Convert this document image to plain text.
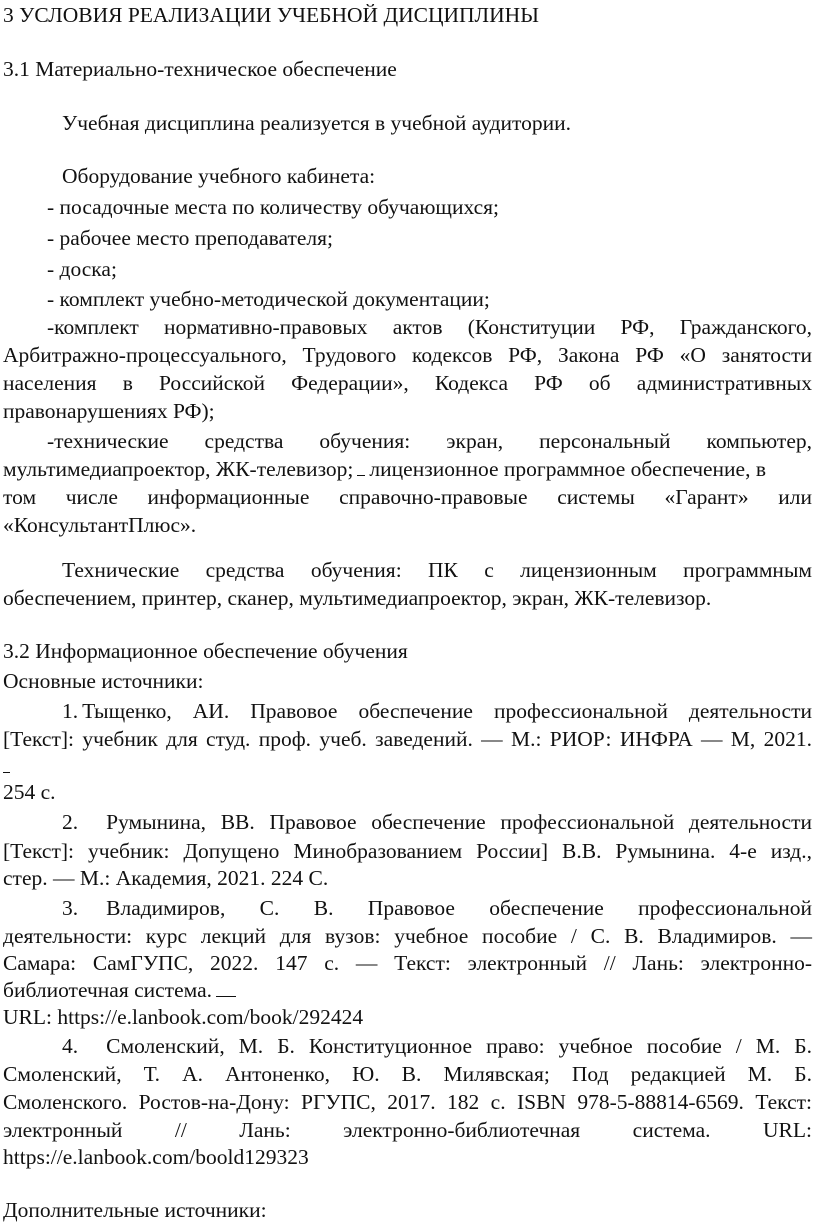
3 УСЛОВИЯ РЕАЛИЗАЦИИ УЧЕБНОЙ ДИСЦИПЛИНЫ
3.1 Материально-техническое обеспечение
Учебная дисциплина реализуется в учебной аудитории.
Оборудование учебного кабинета:
- посадочные места по количеству обучающихся;
- рабочее место преподавателя;
- доска;
- комплект учебно-методической документации;
-комплект нормативно-правовых актов (Конституции РФ, Гражданского,
Арбитражно-процессуального, Трудового кодексов РФ, Закона РФ «О занятости
населения в Российской Федерации», Кодекса РФ об административных
правонарушениях РФ);
-технические средства обучения: экран, персональный компьютер,
мультимедиапроектор, ЖК-телевизор; лицензионное программное обеспечение, в
том числе информационные справочно-правовые системы «Гарант» или
«КонсультантПлюс».
Технические средства обучения: ПК с лицензионным программным
обеспечением, принтер, сканер, мультимедиапроектор, экран, ЖК-телевизор.
3.2 Информационное обеспечение обучения
Основные источники:
1. Тыщенко, АИ. Правовое обеспечение профессиональной деятельности
[Текст]: учебник для студ. проф. учеб. заведений. — М.: РИОР: ИНФРА — М, 2021.
254 с.
2. Румынина, ВВ. Правовое обеспечение профессиональной деятельности
[Текст]: учебник: Допущено Минобразованием России] В.В. Румынина. 4-е изд.,
стер. — М.: Академия, 2021. 224 С.
3. Владимиров, С. В. Правовое обеспечение профессиональной
деятельности: курс лекций для вузов: учебное пособие / С. В. Владимиров. —
Самара: СамГУПС, 2022. 147 с. — Текст: электронный // Лань: электронно-
библиотечная система.
URL: https://e.lanbook.com/book/292424
4. Смоленский, М. Б. Конституционное право: учебное пособие / М. Б.
Смоленский, Т. А. Антоненко, Ю. В. Милявская; Под редакцией М. Б.
Смоленского. Ростов-на-Дону: РГУПС, 2017. 182 с. ISBN 978-5-88814-6569. Текст:
электронный // Лань: электронно-библиотечная система. URL:
https://e.lanbook.com/boold129323
Дополнительные источники:
